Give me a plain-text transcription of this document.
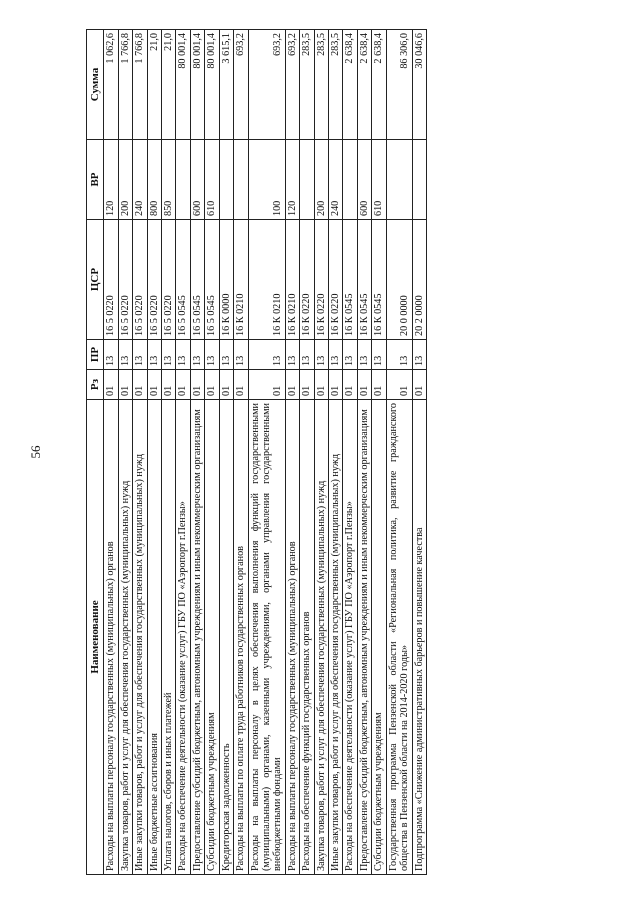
56
Наименование	Рз	ПР	ЦСР	ВР	Сумма
Расходы на выплаты персоналу государственных (муниципальных) органов	01	13	16 5 0220	120	1 062,6
Закупка товаров, работ и услуг для обеспечения государственных (муниципальных) нужд	01	13	16 5 0220	200	1 766,8
Иные закупки товаров, работ и услуг для обеспечения государственных (муниципальных) нужд	01	13	16 5 0220	240	1 766,8
Иные бюджетные ассигнования	01	13	16 5 0220	800	21,0
Уплата налогов, сборов и иных платежей	01	13	16 5 0220	850	21,0
Расходы на обеспечение деятельности (оказание услуг) ГБУ ПО «Аэропорт г.Пензы»	01	13	16 5 0545		80 001,4
Предоставление субсидий бюджетным, автономным учреждениям и иным некоммерческим организациям	01	13	16 5 0545	600	80 001,4
Субсидии бюджетным учреждениям	01	13	16 5 0545	610	80 001,4
Кредиторская задолженность	01	13	16 К 0000		3 615,1
Расходы на выплаты по оплате труда работников государственных органов	01	13	16 К 0210		693,2
Расходы на выплаты персоналу в целях обеспечения выполнения функций государственными (муниципальными) органами, казенными учреждениями, органами управления государственными внебюджетными фондами	01	13	16 К 0210	100	693,2
Расходы на выплаты персоналу государственных (муниципальных) органов	01	13	16 К 0210	120	693,2
Расходы на обеспечение функций государственных органов	01	13	16 К 0220		283,5
Закупка товаров, работ и услуг для обеспечения государственных (муниципальных) нужд	01	13	16 К 0220	200	283,5
Иные закупки товаров, работ и услуг для обеспечения государственных (муниципальных) нужд	01	13	16 К 0220	240	283,5
Расходы на обеспечение деятельности (оказание услуг) ГБУ ПО «Аэропорт г.Пензы»	01	13	16 К 0545		2 638,4
Предоставление субсидий бюджетным, автономным учреждениям и иным некоммерческим организациям	01	13	16 К 0545	600	2 638,4
Субсидии бюджетным учреждениям	01	13	16 К 0545	610	2 638,4
Государственная программа Пензенской области «Региональная политика, развитие гражданского общества в Пензенской области на 2014-2020 годы»	01	13	20 0 0000		86 306,0
Подпрограмма «Снижение административных барьеров и повышение качества	01	13	20 2 0000		30 046,6
